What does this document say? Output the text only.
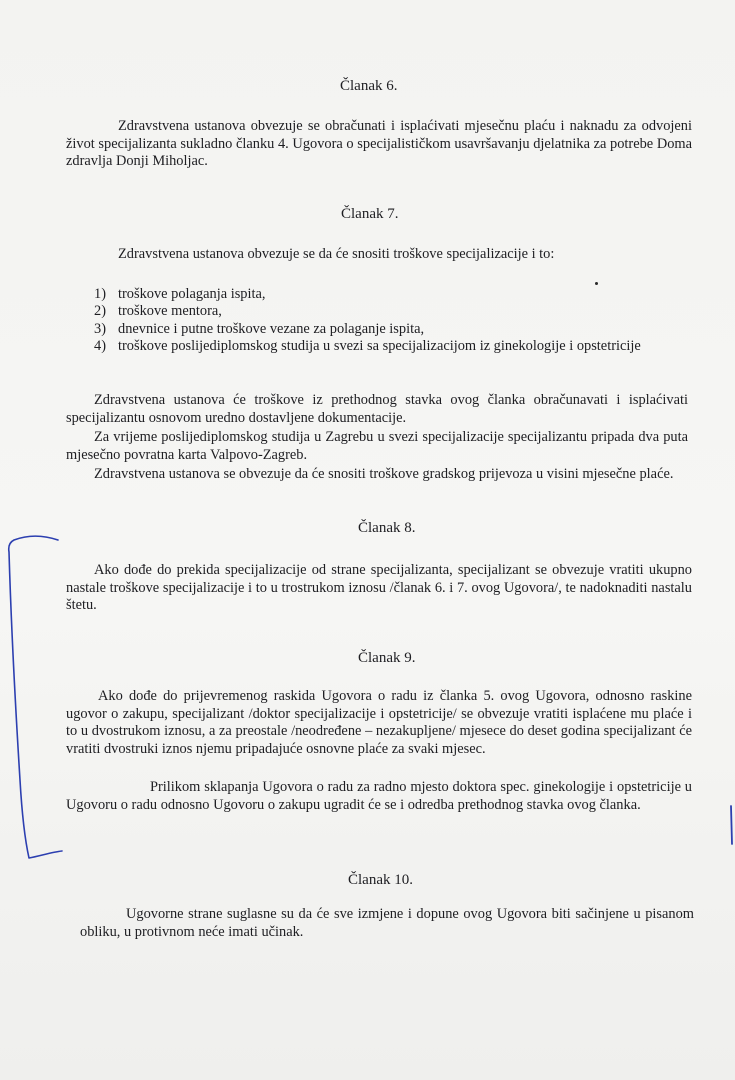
Članak 6.
Zdravstvena ustanova obvezuje se obračunati i isplaćivati mjesečnu plaću i naknadu za odvojeni život specijalizanta sukladno članku 4. Ugovora o specijalističkom usavršavanju djelatnika za potrebe Doma zdravlja Donji Miholjac.
Članak 7.
Zdravstvena ustanova obvezuje se da će snositi troškove specijalizacije i to:
1) troškove polaganja ispita,
2) troškove mentora,
3) dnevnice i putne troškove vezane za polaganje ispita,
4) troškove poslijediplomskog studija u svezi sa specijalizacijom iz ginekologije i opstetricije
Zdravstvena ustanova će troškove iz prethodnog stavka ovog članka obračunavati i isplaćivati specijalizantu osnovom uredno dostavljene dokumentacije.
Za vrijeme poslijediplomskog studija u Zagrebu u svezi specijalizacije specijalizantu pripada dva puta mjesečno povratna karta Valpovo-Zagreb.
Zdravstvena ustanova se obvezuje da će snositi troškove gradskog prijevoza u visini mjesečne plaće.
Članak 8.
Ako dođe do prekida specijalizacije od strane specijalizanta, specijalizant se obvezuje vratiti ukupno nastale troškove specijalizacije i to u trostrukom iznosu /članak 6. i 7. ovog Ugovora/, te nadoknaditi nastalu štetu.
Članak 9.
Ako dođe do prijevremenog raskida Ugovora o radu iz članka 5. ovog Ugovora, odnosno raskine ugovor o zakupu, specijalizant /doktor specijalizacije i opstetricije/ se obvezuje vratiti isplaćene mu plaće i to u dvostrukom iznosu, a za preostale /neodređene – nezakupljene/ mjesece do deset godina specijalizant će vratiti dvostruki iznos njemu pripadajuće osnovne plaće za svaki mjesec.
Prilikom sklapanja Ugovora o radu za radno mjesto doktora spec. ginekologije i opstetricije u Ugovoru o radu odnosno Ugovoru o zakupu ugradit će se i odredba prethodnog stavka ovog članka.
Članak 10.
Ugovorne strane suglasne su da će sve izmjene i dopune ovog Ugovora biti sačinjene u pisanom obliku, u protivnom neće imati učinak.
